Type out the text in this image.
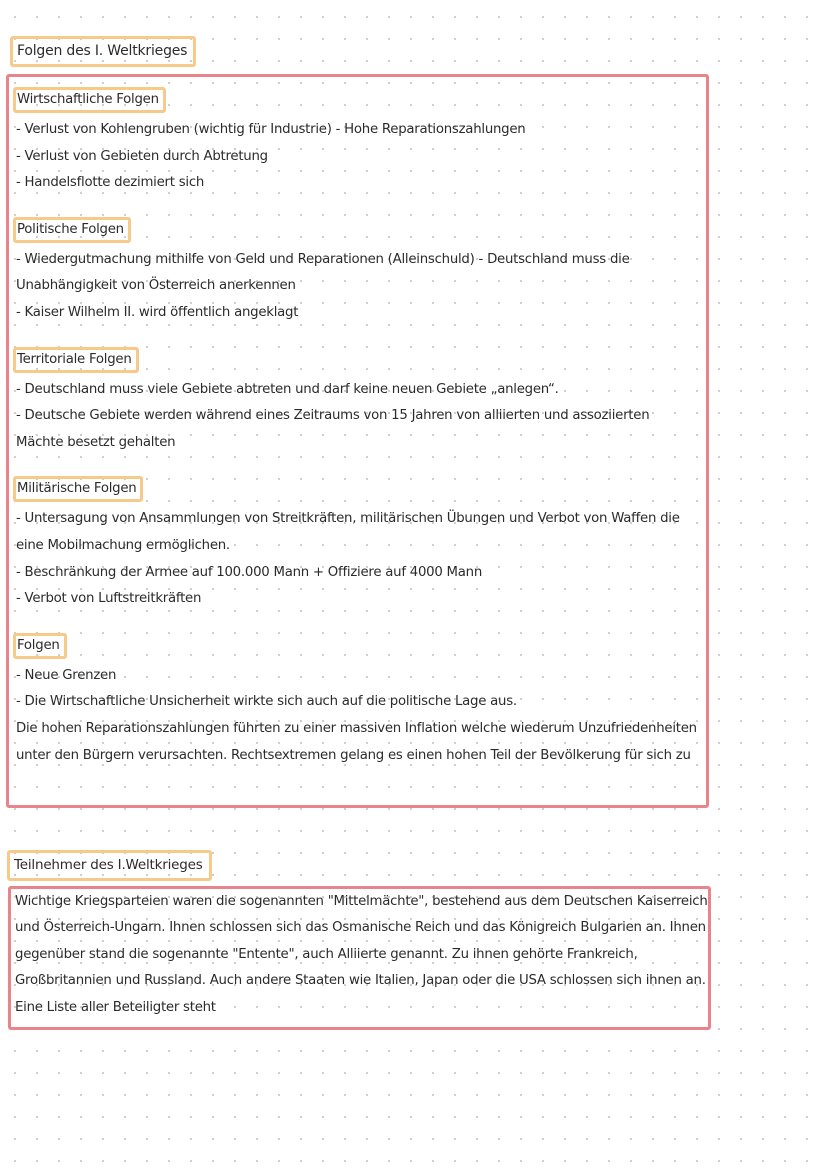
Folgen des I. Weltkrieges
Wirtschaftliche Folgen
- Verlust von Kohlengruben (wichtig für Industrie) - Hohe Reparationszahlungen
- Verlust von Gebieten durch Abtretung
- Handelsflotte dezimiert sich
Politische Folgen
- Wiedergutmachung mithilfe von Geld und Reparationen (Alleinschuld) - Deutschland muss die
Unabhängigkeit von Österreich anerkennen
- Kaiser Wilhelm II. wird öffentlich angeklagt
Territoriale Folgen
- Deutschland muss viele Gebiete abtreten und darf keine neuen Gebiete „anlegen“.
- Deutsche Gebiete werden während eines Zeitraums von 15 Jahren von alliierten und assoziierten
Mächte besetzt gehalten
Militärische Folgen
- Untersagung von Ansammlungen von Streitkräften, militärischen Übungen und Verbot von Waffen die
eine Mobilmachung ermöglichen.
- Beschränkung der Armee auf 100.000 Mann + Offiziere auf 4000 Mann
- Verbot von Luftstreitkräften
Folgen
- Neue Grenzen
- Die Wirtschaftliche Unsicherheit wirkte sich auch auf die politische Lage aus.
Die hohen Reparationszahlungen führten zu einer massiven Inflation welche wiederum Unzufriedenheiten
unter den Bürgern verursachten. Rechtsextremen gelang es einen hohen Teil der Bevölkerung für sich zu
Teilnehmer des I.Weltkrieges
Wichtige Kriegsparteien waren die sogenannten "Mittelmächte", bestehend aus dem Deutschen Kaiserreich
und Österreich-Ungarn. Ihnen schlossen sich das Osmanische Reich und das Königreich Bulgarien an. Ihnen
gegenüber stand die sogenannte "Entente", auch Alliierte genannt. Zu ihnen gehörte Frankreich,
Großbritannien und Russland. Auch andere Staaten wie Italien, Japan oder die USA schlossen sich ihnen an.
Eine Liste aller Beteiligter steht
